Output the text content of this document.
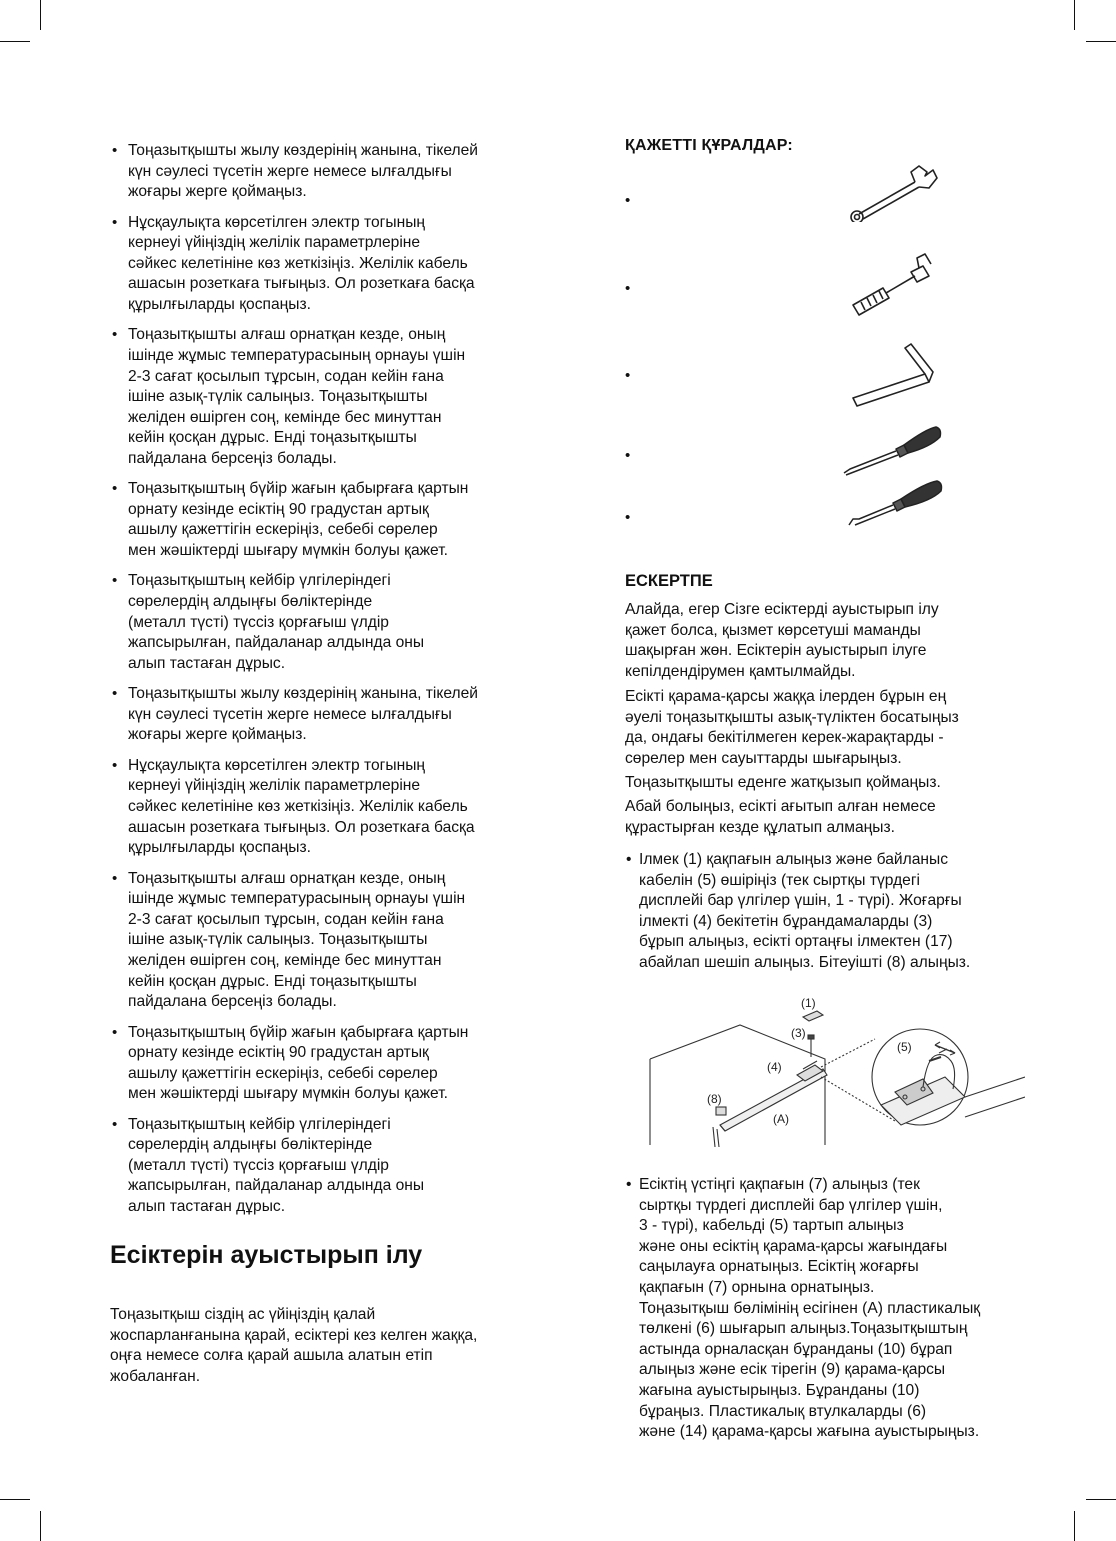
• Тоңазытқышты жылу көздерінің жанына, тікелей
күн сәулесі түсетін жерге немесе ылғалдығы
жоғары жерге қоймаңыз.
• Нұсқаулықта көрсетілген электр тогының
кернеуі үйіңіздің желілік параметрлеріне
сәйкес келетініне көз жеткізіңіз. Желілік кабель
ашасын розеткаға тығыңыз. Ол розеткаға басқа
құрылғыларды қоспаңыз.
• Тоңазытқышты алғаш орнатқан кезде, оның
ішінде жұмыс температурасының орнауы үшін
2-3 сағат қосылып тұрсын, содан кейін ғана
ішіне азық-түлік салыңыз. Тоңазытқышты
желіден өшірген соң, кемінде бес минуттан
кейін қосқан дұрыс. Енді тоңазытқышты
пайдалана берсеңіз болады.
• Тоңазытқыштың бүйір жағын қабырғаға қартын
орнату кезінде есіктің 90 градустан артық
ашылу қажеттігін ескеріңіз, себебі сөрелер
мен жәшіктерді шығару мүмкін болуы қажет.
• Тоңазытқыштың кейбір үлгілеріндегі
сөрелердің алдыңғы бөліктерінде
(металл түсті) түссіз қорғағыш үлдір
жапсырылған, пайдаланар алдында оны
алып тастаған дұрыс.
• Тоңазытқышты жылу көздерінің жанына, тікелей
күн сәулесі түсетін жерге немесе ылғалдығы
жоғары жерге қоймаңыз.
• Нұсқаулықта көрсетілген электр тогының
кернеуі үйіңіздің желілік параметрлеріне
сәйкес келетініне көз жеткізіңіз. Желілік кабель
ашасын розеткаға тығыңыз. Ол розеткаға басқа
құрылғыларды қоспаңыз.
• Тоңазытқышты алғаш орнатқан кезде, оның
ішінде жұмыс температурасының орнауы үшін
2-3 сағат қосылып тұрсын, содан кейін ғана
ішіне азық-түлік салыңыз. Тоңазытқышты
желіден өшірген соң, кемінде бес минуттан
кейін қосқан дұрыс. Енді тоңазытқышты
пайдалана берсеңіз болады.
• Тоңазытқыштың бүйір жағын қабырғаға қартын
орнату кезінде есіктің 90 градустан артық
ашылу қажеттігін ескеріңіз, себебі сөрелер
мен жәшіктерді шығару мүмкін болуы қажет.
• Тоңазытқыштың кейбір үлгілеріндегі
сөрелердің алдыңғы бөліктерінде
(металл түсті) түссіз қорғағыш үлдір
жапсырылған, пайдаланар алдында оны
алып тастаған дұрыс.
Есіктерін ауыстырып ілу

Тоңазытқыш сіздің ас үйіңіздің қалай
жоспарланғанына қарай, есіктері кез келген жаққа,
оңға немесе солға қарай ашыла алатын етіп
жобаланған.

ҚАЖЕТТІ ҚҰРАЛДАР:
•
•
•
•
•
ЕСКЕРТПЕ

Алайда, егер Сізге есіктерді ауыстырып ілу
қажет болса, қызмет көрсетуші маманды
шақырған жөн. Есіктерін ауыстырып ілуге
кепілдендірумен қамтылмайды.

Есікті қарама-қарсы жаққа ілерден бұрын ең
әуелі тоңазытқышты азық-түліктен босатыңыз
да, ондағы бекітілмеген керек-жарақтарды -
сөрелер мен сауыттарды шығарыңыз.

Тоңазытқышты еденге жатқызып қоймаңыз.

Абай болыңыз, есікті ағытып алған немесе
құрастырған кезде құлатып алмаңыз.

• Ілмек (1) қақпағын алыңыз және байланыс
кабелін (5) өшіріңіз (тек сыртқы түрдегі
дисплейі бар үлгілер үшін, 1 - түрі). Жоғарғы
ілмекті (4) бекітетін бұрандамаларды (3)
бұрып алыңыз, есікті ортаңғы ілмектен (17)
абайлап шешіп алыңыз. Бітеуішті (8) алыңыз.

(1)
(3)
(4)
(5)
(8)
(A)

• Есіктің үстіңгі қақпағын (7) алыңыз (тек
сыртқы түрдегі дисплейі бар үлгілер үшін,
3 - түрі), кабельді (5) тартып алыңыз
және оны есіктің қарама-қарсы жағындағы
саңылауға орнатыңыз. Есіктің жоғарғы
қақпағын (7) орнына орнатыңыз.
Тоңазытқыш бөлімінің есігінен (А) пластикалық
төлкені (6) шығарып алыңыз.Тоңазытқыштың
астында орналасқан бұранданы (10) бұрап
алыңыз және есік тірегін (9) қарама-қарсы
жағына ауыстырыңыз. Бұранданы (10)
бұраңыз. Пластикалық втулкаларды (6)
және (14) қарама-қарсы жағына ауыстырыңыз.
